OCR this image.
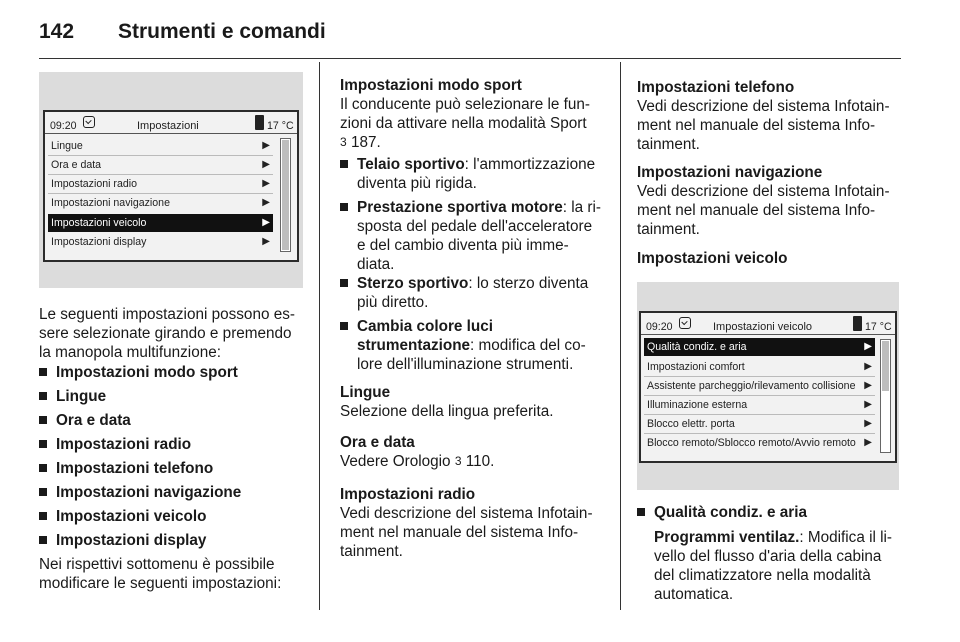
142 Strumenti e comandi
09:20	Impostazioni	17 °C
Lingue	▶
Ora e data	▶
Impostazioni radio	▶
Impostazioni navigazione	▶
Impostazioni veicolo	▶
Impostazioni display	▶
Le seguenti impostazioni possono es-
sere selezionate girando e premendo
la manopola multifunzione:
Impostazioni modo sport
Lingue
Ora e data
Impostazioni radio
Impostazioni telefono
Impostazioni navigazione
Impostazioni veicolo
Impostazioni display
Nei rispettivi sottomenu è possibile
modificare le seguenti impostazioni:
Impostazioni modo sport
Il conducente può selezionare le fun-
zioni da attivare nella modalità Sport
3 187.
Telaio sportivo: l'ammortizzazione
diventa più rigida.
Prestazione sportiva motore: la ri-
sposta del pedale dell'acceleratore
e del cambio diventa più imme-
diata.
Sterzo sportivo: lo sterzo diventa
più diretto.
Cambia colore luci
strumentazione: modifica del co-
lore dell'illuminazione strumenti.
Lingue
Selezione della lingua preferita.
Ora e data
Vedere Orologio 3 110.
Impostazioni radio
Vedi descrizione del sistema Infotain-
ment nel manuale del sistema Info-
tainment.
Impostazioni telefono
Vedi descrizione del sistema Infotain-
ment nel manuale del sistema Info-
tainment.
Impostazioni navigazione
Vedi descrizione del sistema Infotain-
ment nel manuale del sistema Info-
tainment.
Impostazioni veicolo
09:20	Impostazioni veicolo	17 °C
Qualità condiz. e aria	▶
Impostazioni comfort	▶
Assistente parcheggio/rilevamento collisione ▶
Illuminazione esterna	▶
Blocco elettr. porta	▶
Blocco remoto/Sblocco remoto/Avvio remoto ▶
Qualità condiz. e aria
Programmi ventilaz.: Modifica il li-
vello del flusso d'aria della cabina
del climatizzatore nella modalità
automatica.
